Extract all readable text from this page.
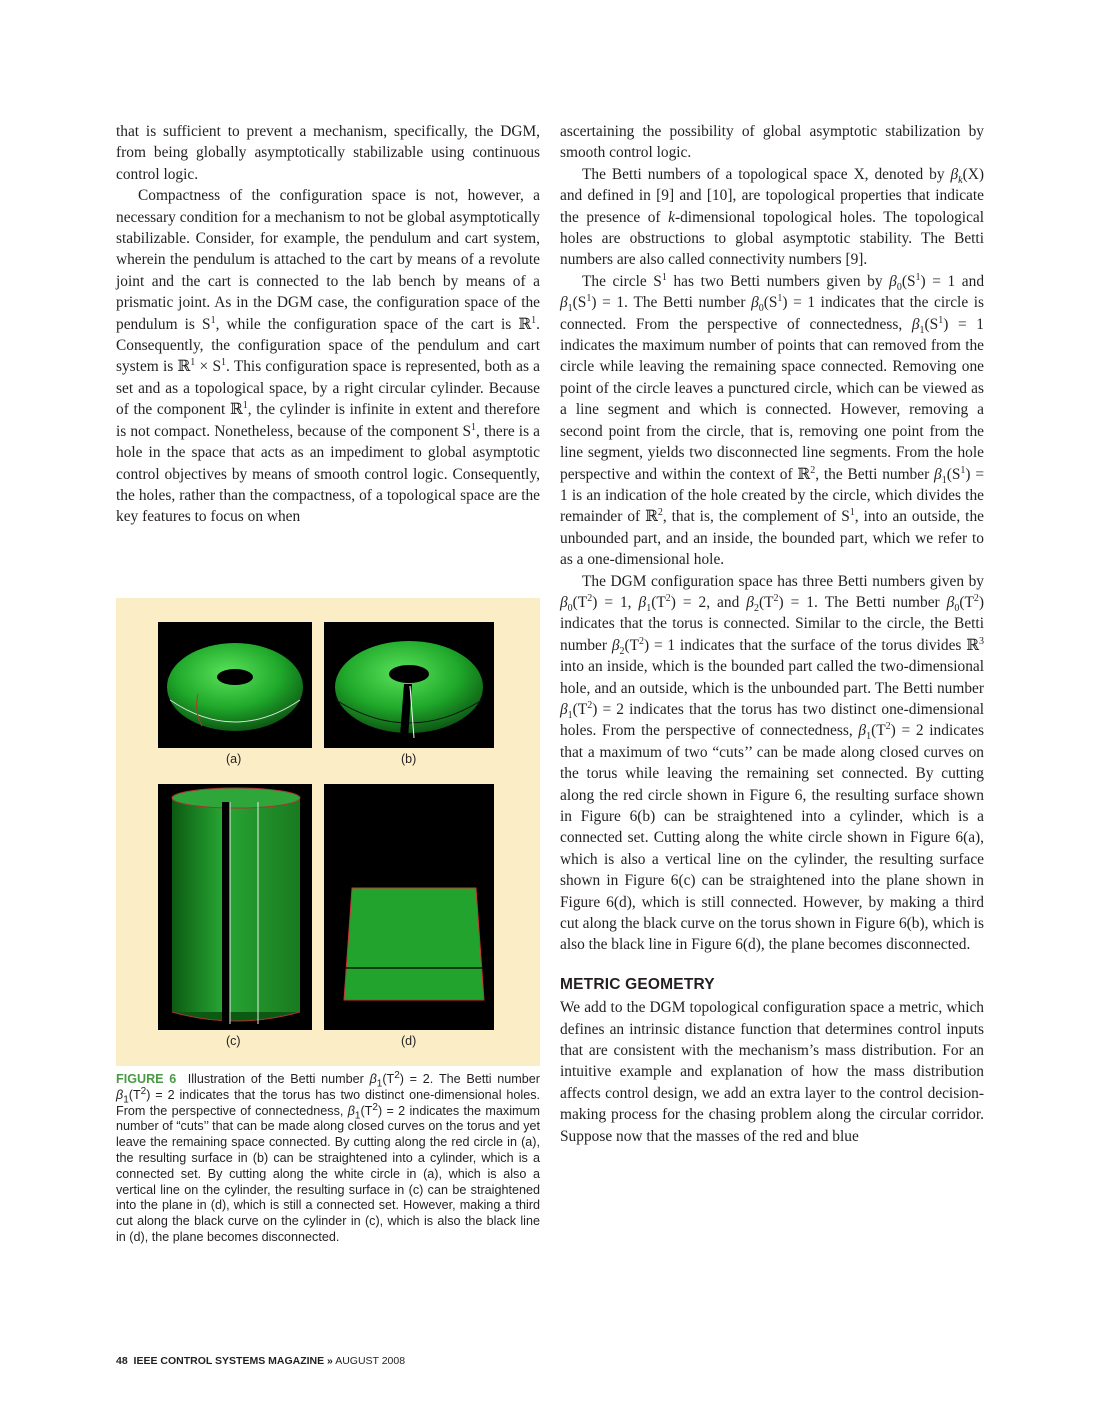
that is sufficient to prevent a mechanism, specifically, the DGM, from being globally asymptotically stabilizable using continuous control logic.

Compactness of the configuration space is not, however, a necessary condition for a mechanism to not be global asymptotically stabilizable. Consider, for example, the pendulum and cart system, wherein the pendulum is attached to the cart by means of a revolute joint and the cart is connected to the lab bench by means of a prismatic joint. As in the DGM case, the configuration space of the pendulum is $S^1$, while the configuration space of the cart is ℝ$^1$. Consequently, the configuration space of the pendulum and cart system is ℝ$^1$ × $S^1$. This configuration space is represented, both as a set and as a topological space, by a right circular cylinder. Because of the component ℝ$^1$, the cylinder is infinite in extent and therefore is not compact. Nonetheless, because of the component $S^1$, there is a hole in the space that acts as an impediment to global asymptotic control objectives by means of smooth control logic. Consequently, the holes, rather than the compactness, of a topological space are the key features to focus on when

(a)	(b)
(c)	(d)
FIGURE 6 Illustration of the Betti number $\beta_1(T^2) = 2$. The Betti number $\beta_1(T^2) = 2$ indicates that the torus has two distinct one-dimensional holes. From the perspective of connectedness, $\beta_1(T^2) = 2$ indicates the maximum number of “cuts’’ that can be made along closed curves on the torus and yet leave the remaining space connected. By cutting along the red circle in (a), the resulting surface in (b) can be straightened into a cylinder, which is a connected set. By cutting along the white circle in (a), which is also a vertical line on the cylinder, the resulting surface in (c) can be straightened into the plane in (d), which is still a connected set. However, making a third cut along the black curve on the cylinder in (c), which is also the black line in (d), the plane becomes disconnected.

ascertaining the possibility of global asymptotic stabilization by smooth control logic.

The Betti numbers of a topological space X, denoted by $\beta_k(X)$ and defined in [9] and [10], are topological properties that indicate the presence of k-dimensional topological holes. The topological holes are obstructions to global asymptotic stability. The Betti numbers are also called connectivity numbers [9].

The circle $S^1$ has two Betti numbers given by $\beta_0(S^1) = 1$ and $\beta_1(S^1) = 1$. The Betti number $\beta_0(S^1) = 1$ indicates that the circle is connected. From the perspective of connectedness, $\beta_1(S^1) = 1$ indicates the maximum number of points that can removed from the circle while leaving the remaining space connected. Removing one point of the circle leaves a punctured circle, which can be viewed as a line segment and which is connected. However, removing a second point from the circle, that is, removing one point from the line segment, yields two disconnected line segments. From the hole perspective and within the context of ℝ$^2$, the Betti number $\beta_1(S^1) = 1$ is an indication of the hole created by the circle, which divides the remainder of ℝ$^2$, that is, the complement of $S^1$, into an outside, the unbounded part, and an inside, the bounded part, which we refer to as a one-dimensional hole.

The DGM configuration space has three Betti numbers given by $\beta_0(T^2) = 1$, $\beta_1(T^2) = 2$, and $\beta_2(T^2) = 1$. The Betti number $\beta_0(T^2)$ indicates that the torus is connected. Similar to the circle, the Betti number $\beta_2(T^2) = 1$ indicates that the surface of the torus divides ℝ$^3$ into an inside, which is the bounded part called the two-dimensional hole, and an outside, which is the unbounded part. The Betti number $\beta_1(T^2) = 2$ indicates that the torus has two distinct one-dimensional holes. From the perspective of connectedness, $\beta_1(T^2) = 2$ indicates that a maximum of two “cuts’’ can be made along closed curves on the torus while leaving the remaining set connected. By cutting along the red circle shown in Figure 6, the resulting surface shown in Figure 6(b) can be straightened into a cylinder, which is a connected set. Cutting along the white circle shown in Figure 6(a), which is also a vertical line on the cylinder, the resulting surface shown in Figure 6(c) can be straightened into the plane shown in Figure 6(d), which is still connected. However, by making a third cut along the black curve on the torus shown in Figure 6(b), which is also the black line in Figure 6(d), the plane becomes disconnected.

METRIC GEOMETRY

We add to the DGM topological configuration space a metric, which defines an intrinsic distance function that determines control inputs that are consistent with the mechanism’s mass distribution. For an intuitive example and explanation of how the mass distribution affects control design, we add an extra layer to the control decision-making process for the chasing problem along the circular corridor. Suppose now that the masses of the red and blue

48 IEEE CONTROL SYSTEMS MAGAZINE » AUGUST 2008
